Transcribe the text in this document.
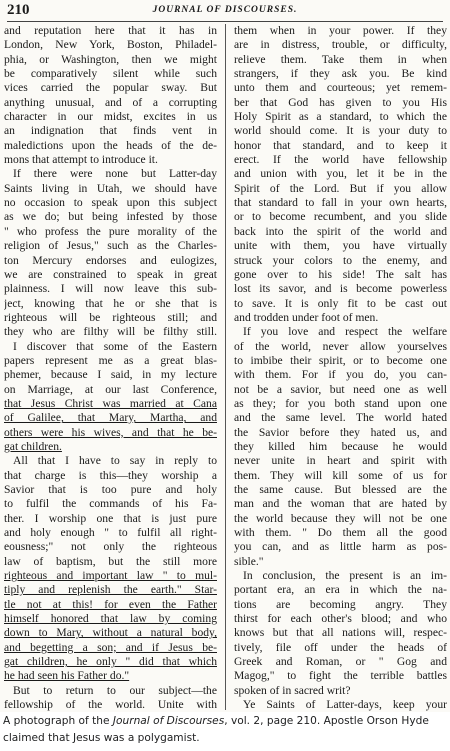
210	JOURNAL OF DISCOURSES.
and reputation here that it has in
London, New York, Boston, Philadel-
phia, or Washington, then we might
be comparatively silent while such
vices carried the popular sway. But
anything unusual, and of a corrupting
character in our midst, excites in us
an indignation that finds vent in
maledictions upon the heads of the de-
mons that attempt to introduce it.
If there were none but Latter-day
Saints living in Utah, we should have
no occasion to speak upon this subject
as we do; but being infested by those
" who profess the pure morality of the
religion of Jesus," such as the Charles-
ton Mercury endorses and eulogizes,
we are constrained to speak in great
plainness. I will now leave this sub-
ject, knowing that he or she that is
righteous will be righteous still; and
they who are filthy will be filthy still.
I discover that some of the Eastern
papers represent me as a great blas-
phemer, because I said, in my lecture
on Marriage, at our last Conference,
that Jesus Christ was married at Cana
of Galilee, that Mary, Martha, and
others were his wives, and that he be-
gat children.
All that I have to say in reply to
that charge is this—they worship a
Savior that is too pure and holy
to fulfil the commands of his Fa-
ther. I worship one that is just pure
and holy enough " to fulfil all right-
eousness;" not only the righteous
law of baptism, but the still more
righteous and important law " to mul-
tiply and replenish the earth." Star-
tle not at this! for even the Father
himself honored that law by coming
down to Mary, without a natural body,
and begetting a son; and if Jesus be-
gat children, he only " did that which
he had seen his Father do."
But to return to our subject—the
fellowship of the world. Unite with
them when in your power. If they
are in distress, trouble, or difficulty,
relieve them. Take them in when
strangers, if they ask you. Be kind
unto them and courteous; yet remem-
ber that God has given to you His
Holy Spirit as a standard, to which the
world should come. It is your duty to
honor that standard, and to keep it
erect. If the world have fellowship
and union with you, let it be in the
Spirit of the Lord. But if you allow
that standard to fall in your own hearts,
or to become recumbent, and you slide
back into the spirit of the world and
unite with them, you have virtually
struck your colors to the enemy, and
gone over to his side! The salt has
lost its savor, and is become powerless
to save. It is only fit to be cast out
and trodden under foot of men.
If you love and respect the welfare
of the world, never allow yourselves
to imbibe their spirit, or to become one
with them. For if you do, you can-
not be a savior, but need one as well
as they; for you both stand upon one
and the same level. The world hated
the Savior before they hated us, and
they killed him because he would
never unite in heart and spirit with
them. They will kill some of us for
the same cause. But blessed are the
man and the woman that are hated by
the world because they will not be one
with them. " Do them all the good
you can, and as little harm as pos-
sible."
In conclusion, the present is an im-
portant era, an era in which the na-
tions are becoming angry. They
thirst for each other's blood; and who
knows but that all nations will, respec-
tively, file off under the heads of
Greek and Roman, or " Gog and
Magog," to fight the terrible battles
spoken of in sacred writ?
Ye Saints of Latter-days, keep your
A photograph of the Journal of Discourses, vol. 2, page 210. Apostle Orson Hyde claimed that Jesus was a polygamist.
